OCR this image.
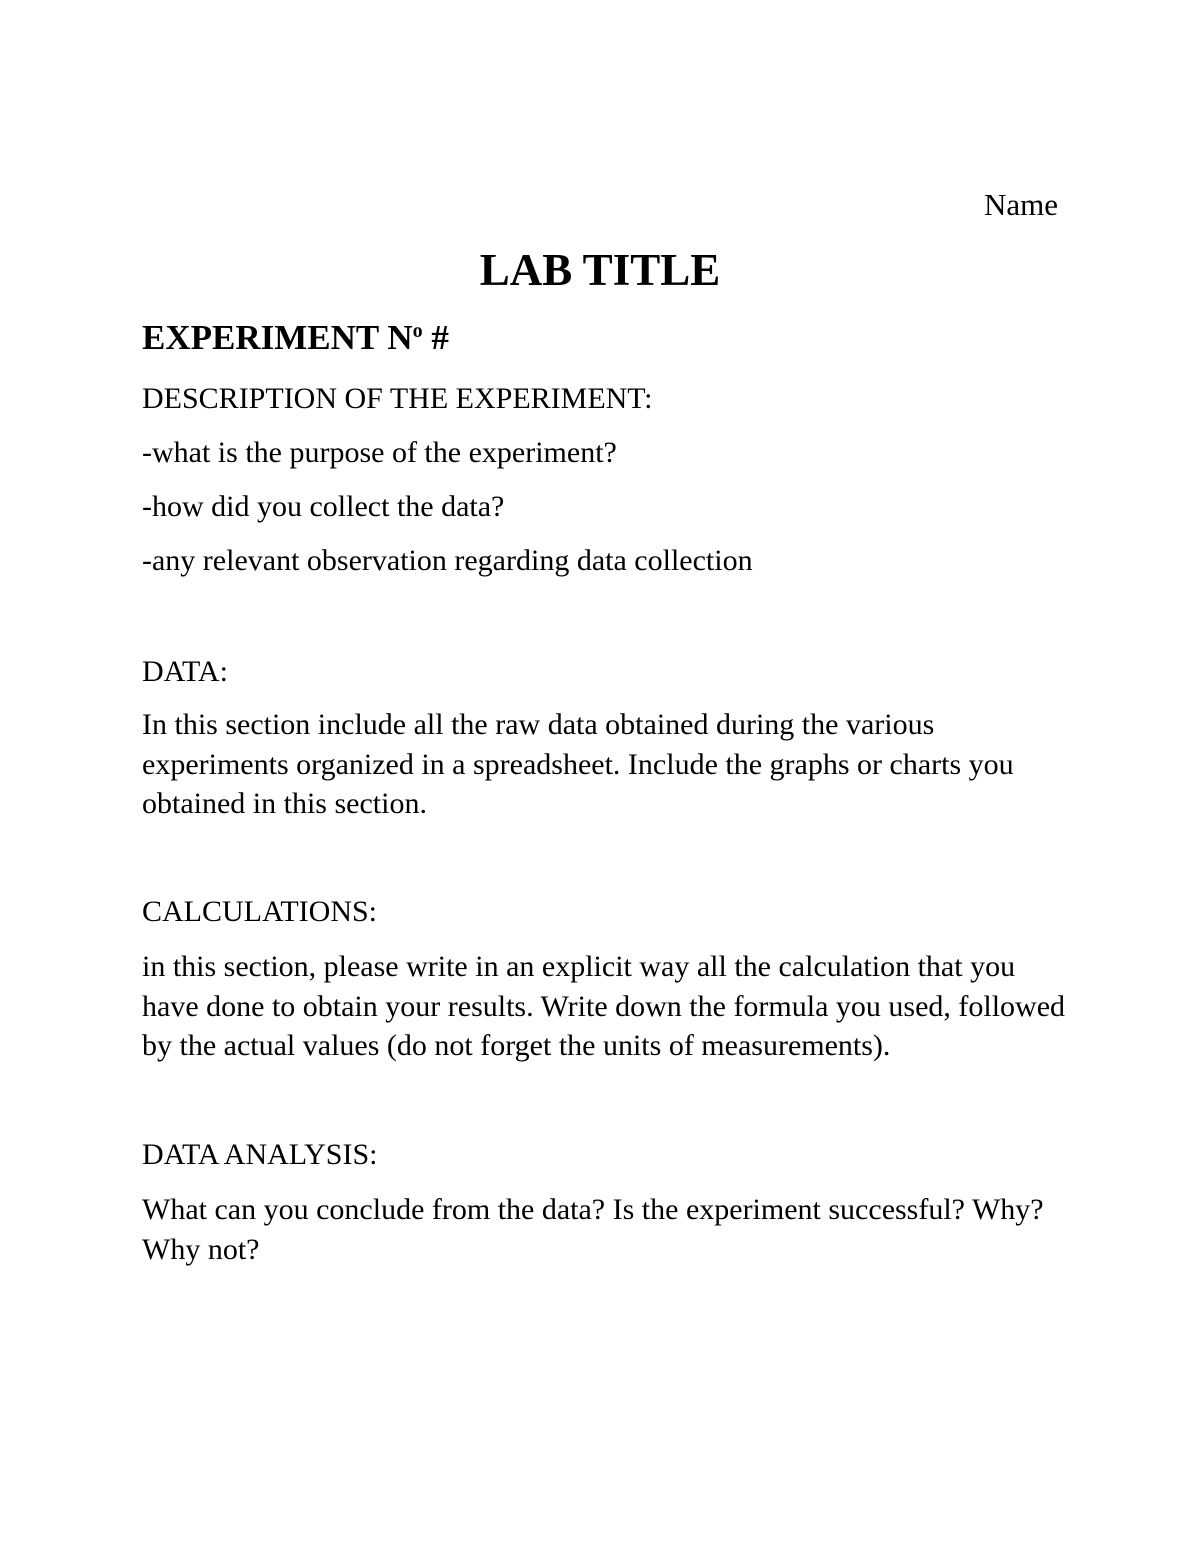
Name
LAB TITLE
EXPERIMENT $N^o$ #
DESCRIPTION OF THE EXPERIMENT:
-what is the purpose of the experiment?
-how did you collect the data?
-any relevant observation regarding data collection
DATA:
In this section include all the raw data obtained during the various experiments organized in a spreadsheet. Include the graphs or charts you obtained in this section.
CALCULATIONS:
in this section, please write in an explicit way all the calculation that you have done to obtain your results. Write down the formula you used, followed by the actual values (do not forget the units of measurements).
DATA ANALYSIS:
What can you conclude from the data? Is the experiment successful? Why? Why not?
